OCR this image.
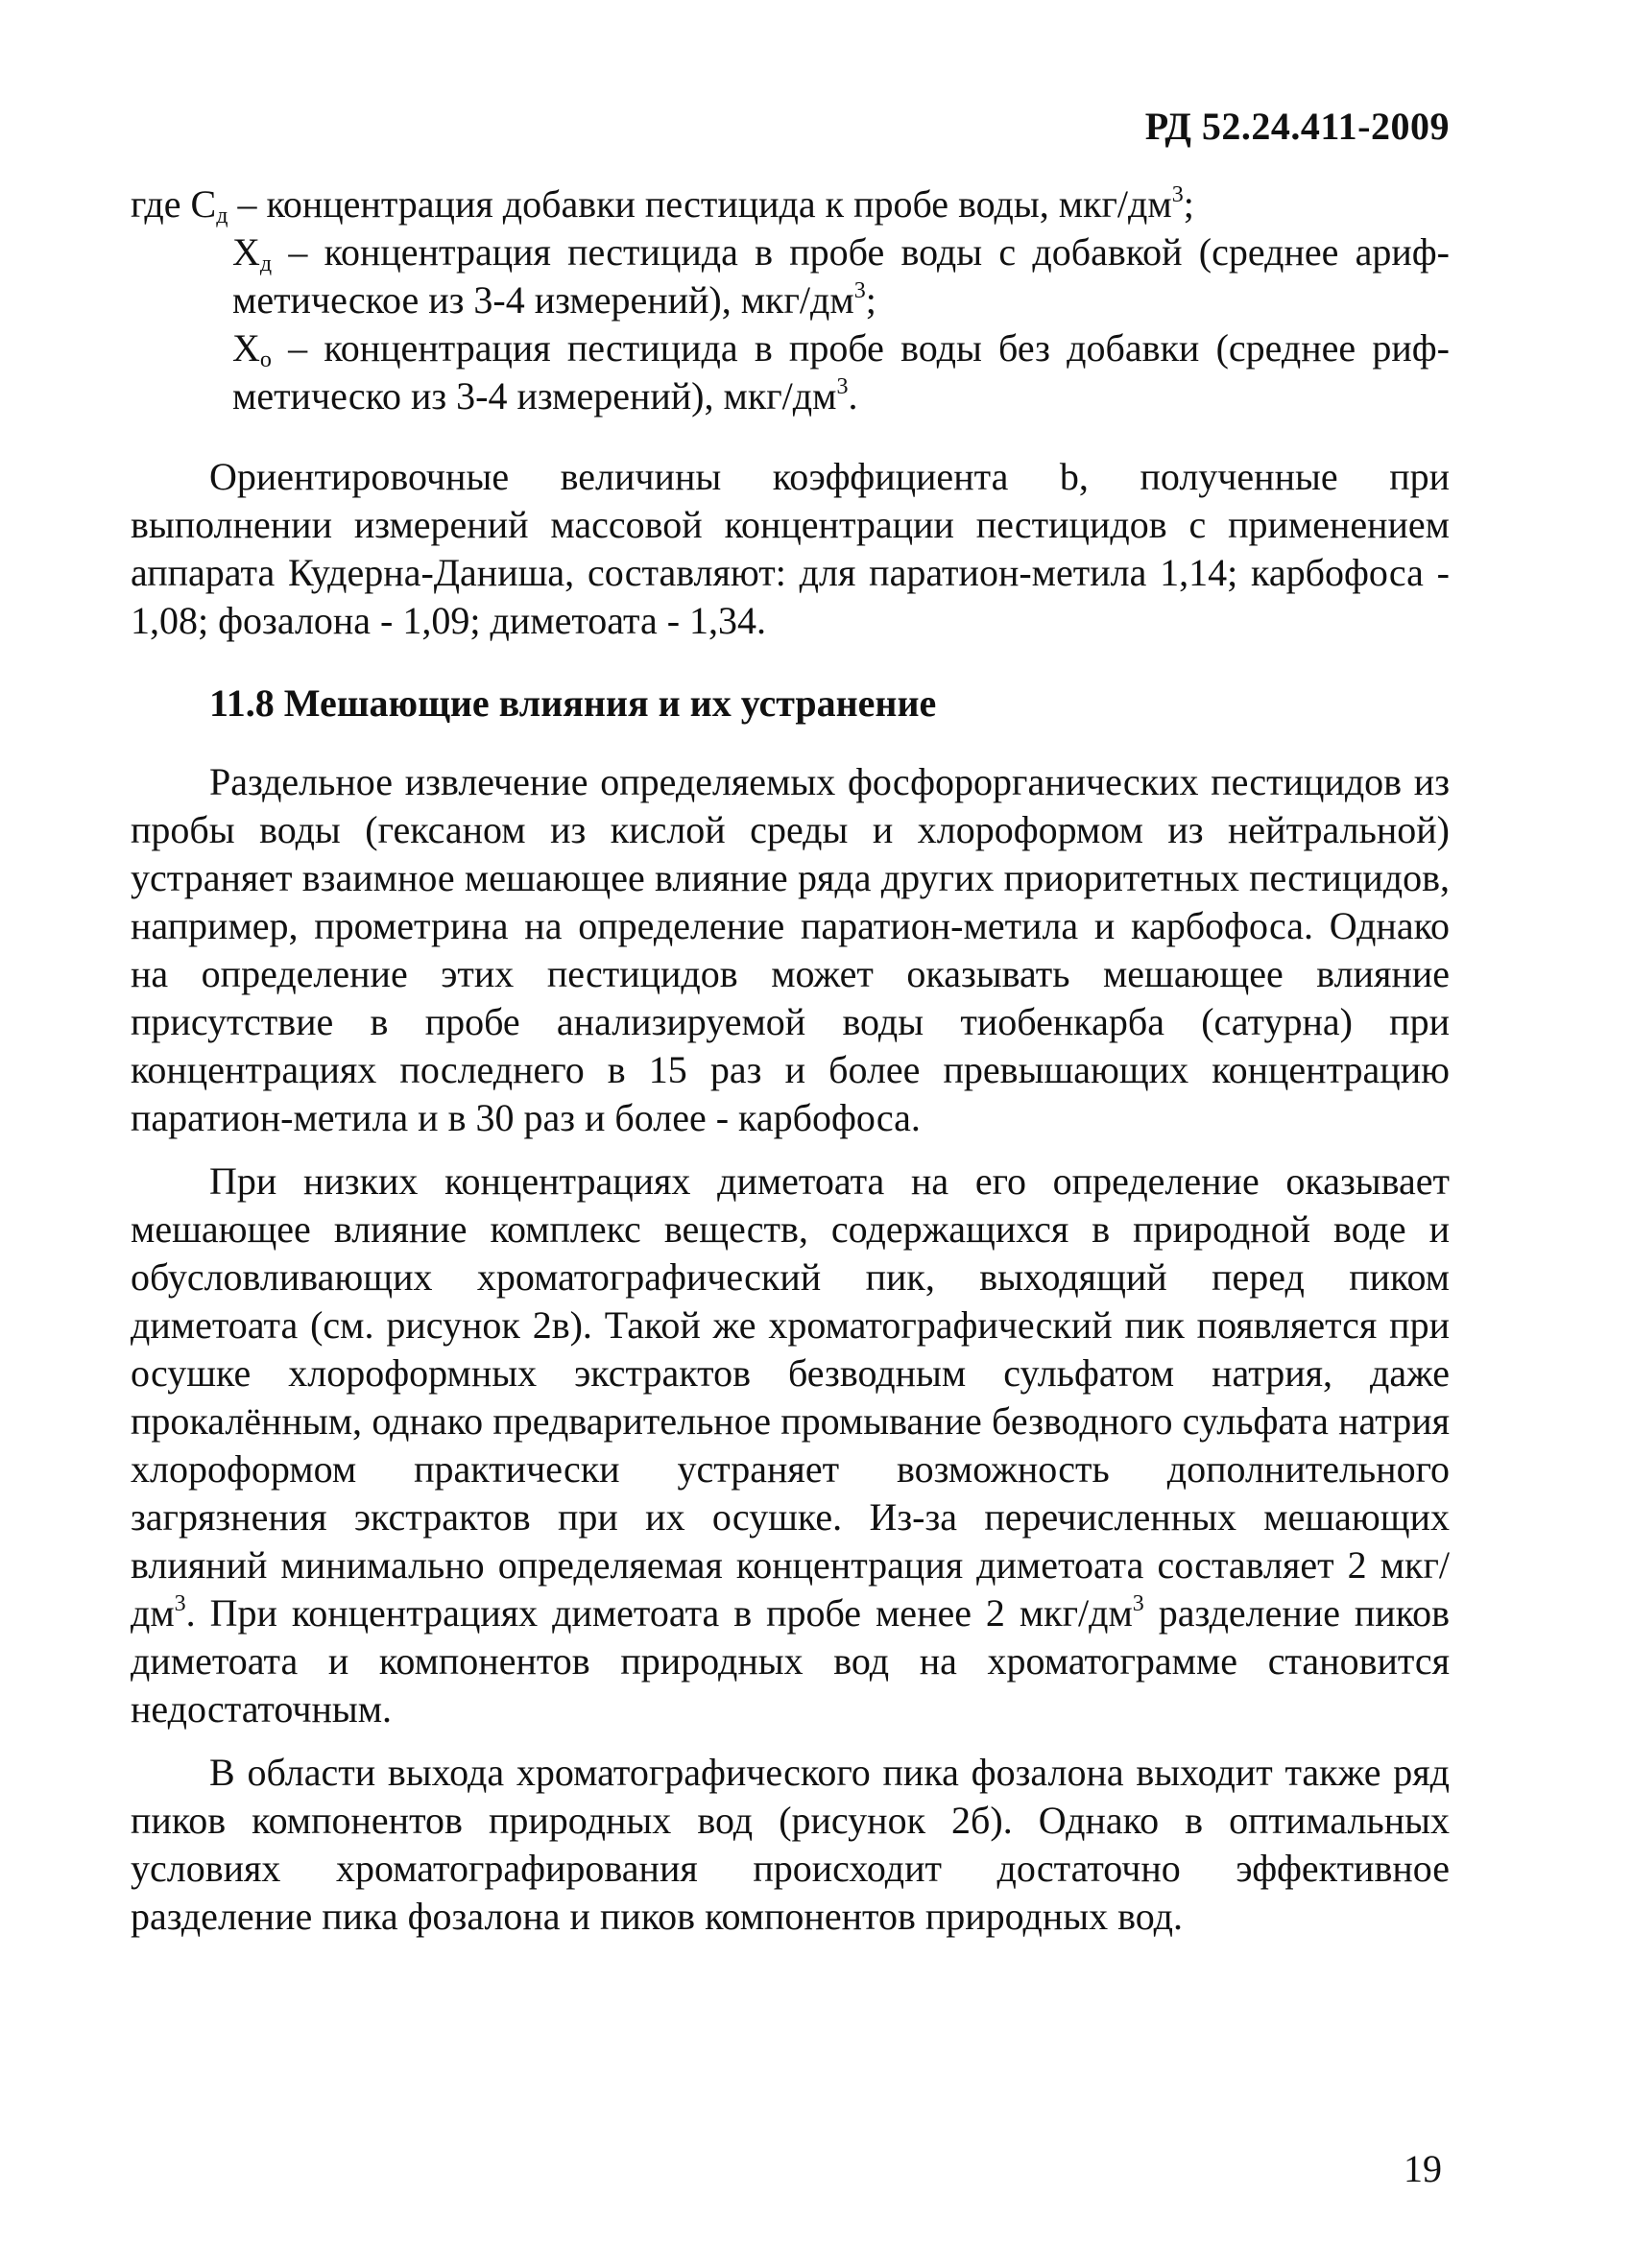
РД 52.24.411-2009
где $С_д$ – концентрация добавки пестицида к пробе воды, мкг/$дм^3$;
$Х_д$ – концентрация пестицида в пробе воды с добавкой (среднее ариф-метическое из 3-4 измерений), мкг/$дм^3$;
$Х_о$ – концентрация пестицида в пробе воды без добавки (среднее риф-метическо из 3-4 измерений), мкг/$дм^3$.

Ориентировочные величины коэффициента b, полученные при выполнении измерений массовой концентрации пестицидов с применением аппарата Кудерна-Даниша, составляют: для паратион-метила 1,14; карбофоса - 1,08; фозалона - 1,09; диметоата - 1,34.

11.8 Мешающие влияния и их устранение

Раздельное извлечение определяемых фосфорорганических пестицидов из пробы воды (гексаном из кислой среды и хлороформом из нейтральной) устраняет взаимное мешающее влияние ряда других приоритетных пестицидов, например, прометрина на определение паратион-метила и карбофоса. Однако на определение этих пестицидов может оказывать мешающее влияние присутствие в пробе анализируемой воды тиобенкарба (сатурна) при концентрациях последнего в 15 раз и более превышающих концентрацию паратион-метила и в 30 раз и более - карбофоса.

При низких концентрациях диметоата на его определение оказывает мешающее влияние комплекс веществ, содержащихся в природной воде и обусловливающих хроматографический пик, выходящий перед пиком диметоата (см. рисунок 2в). Такой же хроматографический пик появляется при осушке хлороформных экстрактов безводным сульфатом натрия, даже прокалённым, однако предварительное промывание безводного сульфата натрия хлороформом практически устраняет возможность дополнительного загрязнения экстрактов при их осушке. Из-за перечисленных мешающих влияний минимально определяемая концентрация диметоата составляет 2 мкг/$дм^3$. При концентрациях диметоата в пробе менее 2 мкг/$дм^3$ разделение пиков диметоата и компонентов природных вод на хроматограмме становится недостаточным.

В области выхода хроматографического пика фозалона выходит также ряд пиков компонентов природных вод (рисунок 2б). Однако в оптимальных условиях хроматографирования происходит достаточно эффективное разделение пика фозалона и пиков компонентов природных вод.

19
